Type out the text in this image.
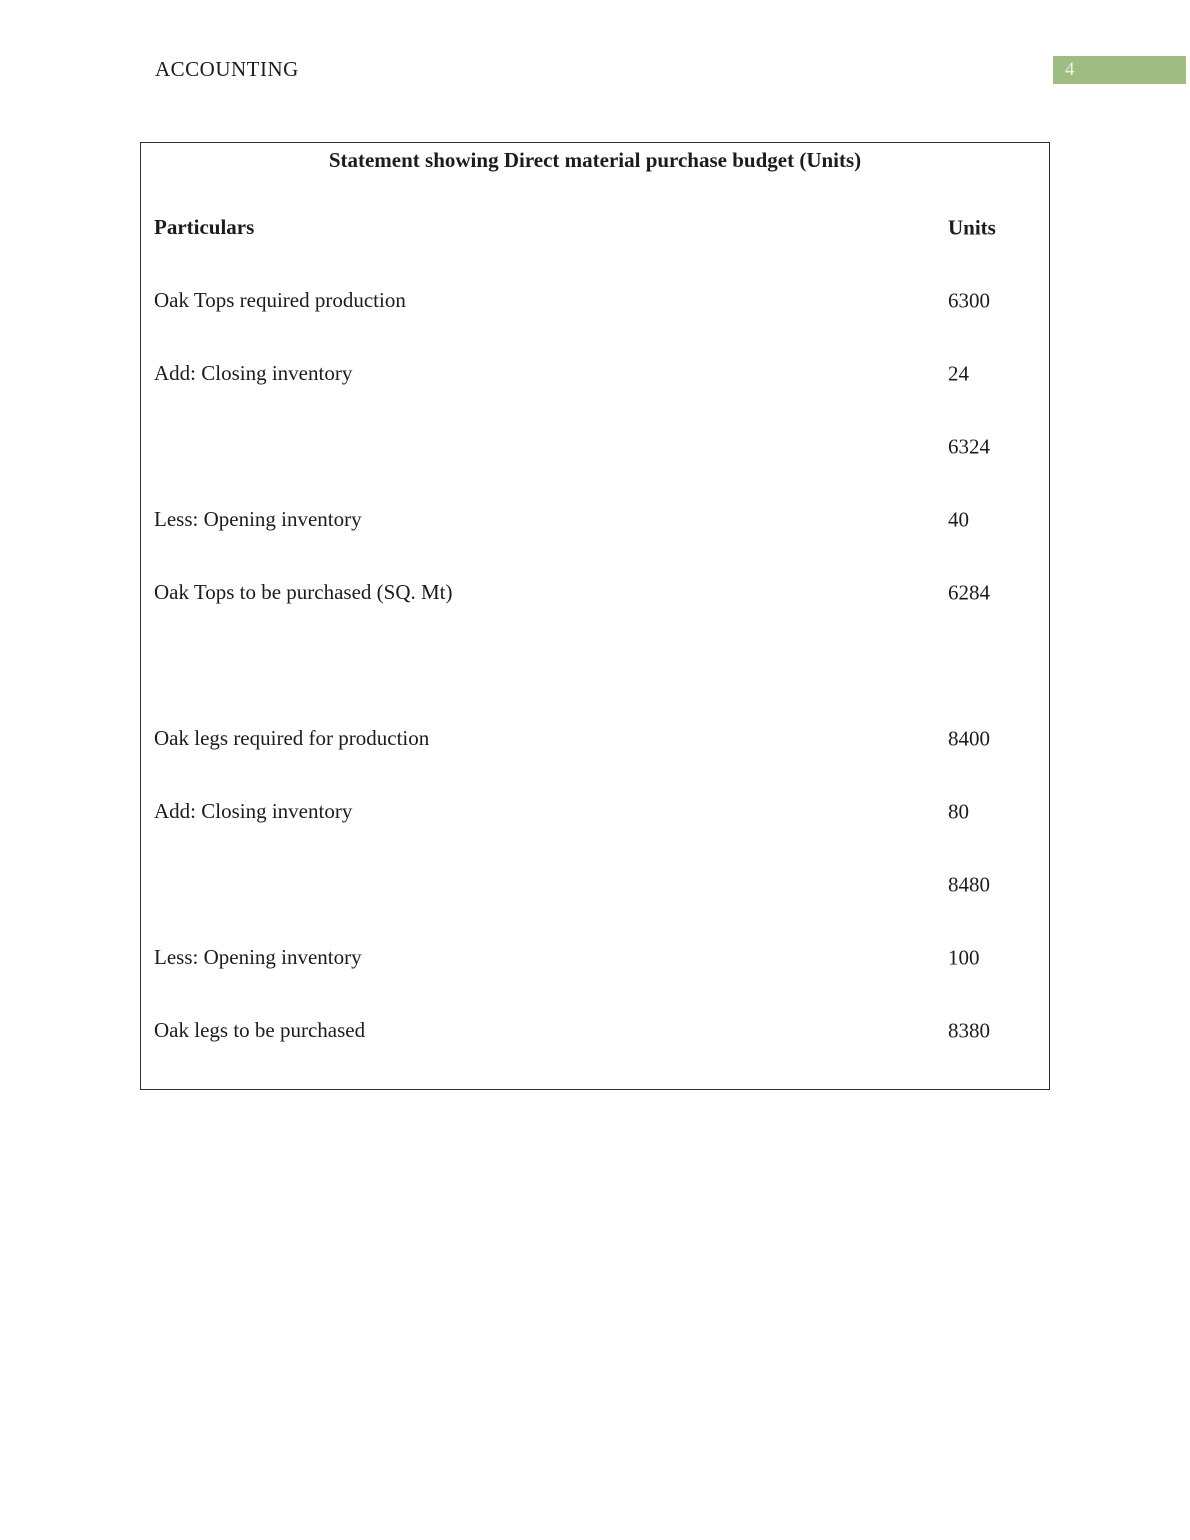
ACCOUNTING	4
Statement showing Direct material purchase budget (Units)
Particulars	Units
Oak Tops required production	6300
Add: Closing inventory	24
6324
Less: Opening inventory	40
Oak Tops to be purchased (SQ. Mt)	6284
Oak legs required for production	8400
Add: Closing inventory	80
8480
Less: Opening inventory	100
Oak legs to be purchased	8380
